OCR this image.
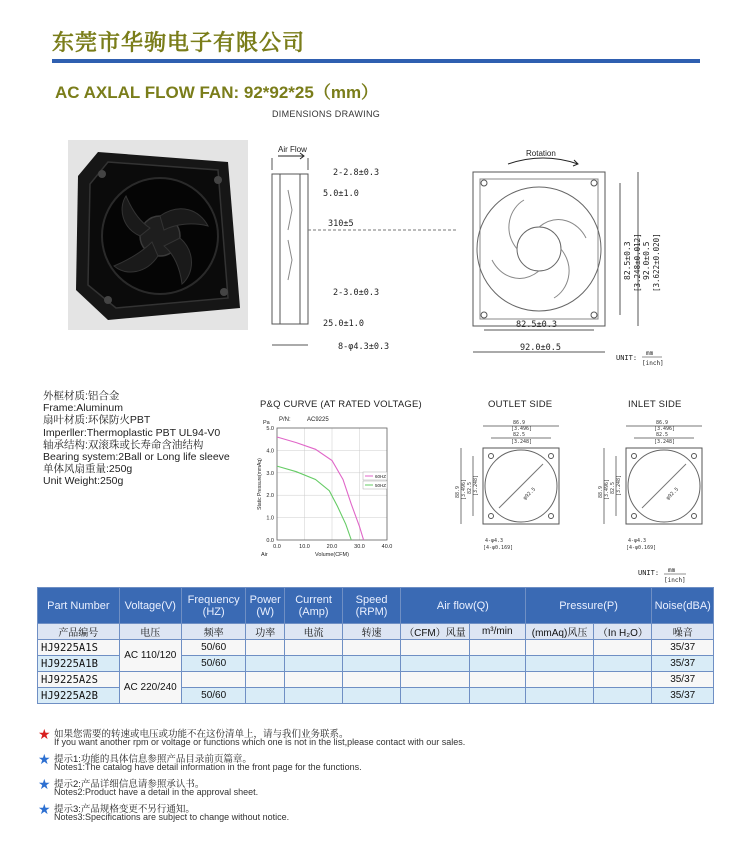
东莞市华驹电子有限公司
AC AXLAL FLOW FAN: 92*92*25（mm）
DIMENSIONS DRAWING
Air Flow
2-2.8±0.3
5.0±1.0
310±5
2-3.0±0.3
25.0±1.0
8-φ4.3±0.3
Rotation
82.5±0.3
92.0±0.5
82.5±0.3 [3.248±0.012] 92.0±0.5 [3.622±0.020]
UNIT:
mm
[inch]
外框材质:铝合金
Frame:Aluminum
扇叶材质:环保防火PBT
Imperller:Thermoplastic PBT UL94-V0
轴承结构:双滚珠或长寿命含油结构
Bearing system:2Ball or Long life sleeve
单体风扇重量:250g
Unit Weight:250g
P&Q CURVE (AT RATED VOLTAGE)	OUTLET SIDE	INLET SIDE
P/N:	AC9225
0.0
1.0
2.0
3.0
4.0
5.0
0.0	10.0	20.0	30.0	40.0
Pa
Air	Volume(CFM)
Static Pressure(mmAq)	60HZ
50HZ
86.9
[3.496]
82.5
[3.248]
88.9 [3.496] 82.5 [3.248]	φ92.5
4-φ4.3
[4-φ0.169]
86.9
[3.496]
82.5
[3.248]
88.9 [3.496] 82.5 [3.248]	φ92.5
4-φ4.3
[4-φ0.169]
UNIT: mm
[inch]
Part Number	Voltage(V)	Frequency (HZ)	Power (W)	Current (Amp)	Speed (RPM)	Air flow(Q)		Pressure(P)		Noise(dBA)
产品编号	电压	频率	功率	电流	转速	（CFM）风量	m³/min	(mmAq)风压	（In H₂O）	噪音
HJ9225A1S	AC 110/120	50/60								35/37
HJ9225A1B		50/60								35/37
HJ9225A2S	AC 220/240									35/37
HJ9225A2B		50/60								35/37
★ 如果您需要的转速或电压或功能不在这份清单上，请与我们业务联系。
If you want another rpm or voltage or functions which one is not in the list,please contact with our sales.
★ 提示1:功能的具体信息参照产品目录前页篇章。
Notes1:The catalog have detail information in the front page for the functions.
★ 提示2:产品详细信息请参照承认书。
Notes2:Product have a detail in the approval sheet.
★ 提示3:产品规格变更不另行通知。
Notes3:Specifications are subject to change without notice.
